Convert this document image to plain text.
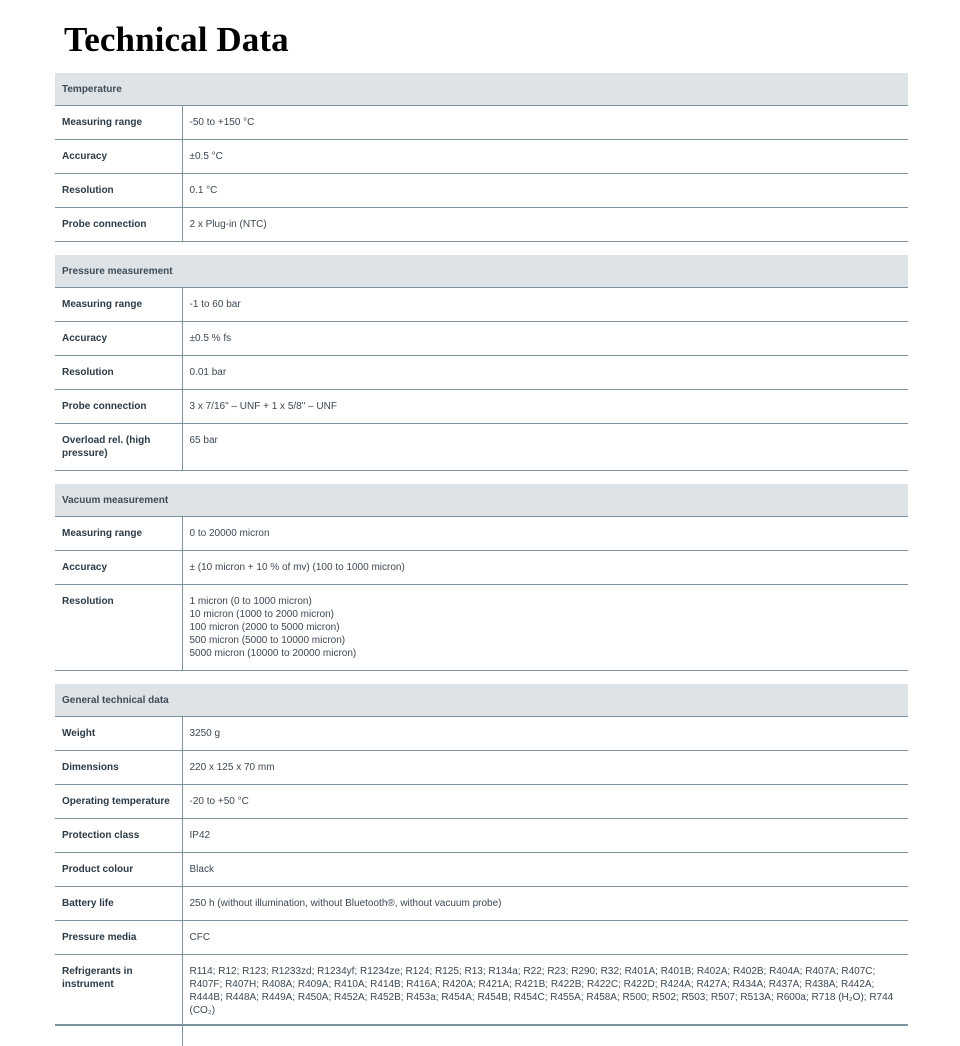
Technical Data
Temperature	
Measuring range	-50 to +150 °C
Accuracy	±0.5 °C
Resolution	0.1 °C
Probe connection	2 x Plug-in (NTC)
Pressure measurement	
Measuring range	-1 to 60 bar
Accuracy	±0.5 % fs
Resolution	0.01 bar
Probe connection	3 x 7/16" – UNF + 1 x 5/8" – UNF
Overload rel. (high pressure)	65 bar
Vacuum measurement	
Measuring range	0 to 20000 micron
Accuracy	± (10 micron + 10 % of mv) (100 to 1000 micron)
Resolution	1 micron (0 to 1000 micron)
10 micron (1000 to 2000 micron)
100 micron (2000 to 5000 micron)
500 micron (5000 to 10000 micron)
5000 micron (10000 to 20000 micron)
General technical data	
Weight	3250 g
Dimensions	220 x 125 x 70 mm
Operating temperature	-20 to +50 °C
Protection class	IP42
Product colour	Black
Battery life	250 h (without illumination, without Bluetooth®, without vacuum probe)
Pressure media	CFC
Refrigerants in instrument	R114; R12; R123; R1233zd; R1234yf; R1234ze; R124; R125; R13; R134a; R22; R23; R290; R32; R401A; R401B; R402A; R402B; R404A; R407A; R407C; R407F; R407H; R408A; R409A; R410A; R414B; R416A; R420A; R421A; R421B; R422B; R422C; R422D; R424A; R427A; R434A; R437A; R438A; R442A; R444B; R448A; R449A; R450A; R452A; R452B; R453a; R454A; R454B; R454C; R455A; R458A; R500; R502; R503; R507; R513A; R600a; R718 (H₂O); R744 (CO₂)
